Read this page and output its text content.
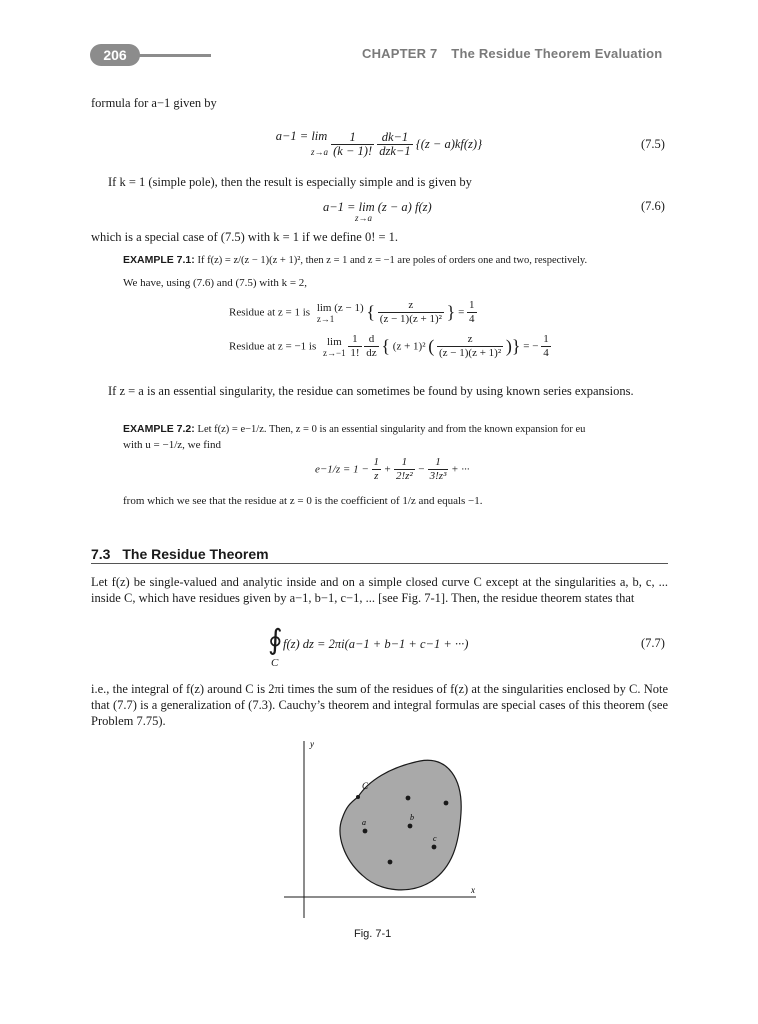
206	CHAPTER 7 The Residue Theorem Evaluation
formula for a−1 given by
a−1 = lim
z→a
$\frac{1}{(k - 1)!}$
$\frac{dk-1}{\text{dzk−1}} \{(z - a)kf(z)\}$	(7.5)
If k = 1 (simple pole), then the result is especially simple and is given by
a−1 = lim (z − a) f(z)
z→a
(7.6)
which is a special case of (7.5) with k = 1 if we define 0! = 1.
EXAMPLE 7.1: If f(z) = z/(z − 1)(z + 1)², then z = 1 and z = −1 are poles of orders one and two, respectively.
We have, using (7.6) and (7.5) with k = 2,
Residue at z = 1 is lim (z − 1)
z→1	{ $\frac{z}{\text{(z − 1)(z + 1)²}}$ } = $\frac{1}{4}$
Residue at z = −1 is lim
z→−1
$\frac{1}{1!}$
$\frac{d}{dz}$ { (z + 1)² ( $\frac{z}{\text{(z − 1)(z + 1)²}}$ )} = − $\frac{1}{4}$
If z = a is an essential singularity, the residue can sometimes be found by using known series expansions.
EXAMPLE 7.2: Let f(z) = e−1/z. Then, z = 0 is an essential singularity and from the known expansion for eu
with u = −1/z, we find
$e-1/z = 1 - \frac{1}{z} + \frac{1}{\text{2!z²}} - \frac{1}{\text{3!z³}}$ + ···
from which we see that the residue at z = 0 is the coefficient of 1/z and equals −1.
7.3 The Residue Theorem
Let f(z) be single-valued and analytic inside and on a simple closed curve C except at the singularities a, b, c, ... inside C, which have residues given by a−1, b−1, c−1, ... [see Fig. 7-1]. Then, the residue theorem states that
∮ f(z) dz = 2πi(a−1 + b−1 + c−1 + ···)
C
(7.7)
i.e., the integral of f(z) around C is 2πi times the sum of the residues of f(z) at the singularities enclosed by C. Note that (7.7) is a generalization of (7.3). Cauchy’s theorem and integral formulas are special cases of this theorem (see Problem 7.75).
y
x
C
a
b
c
Fig. 7-1
